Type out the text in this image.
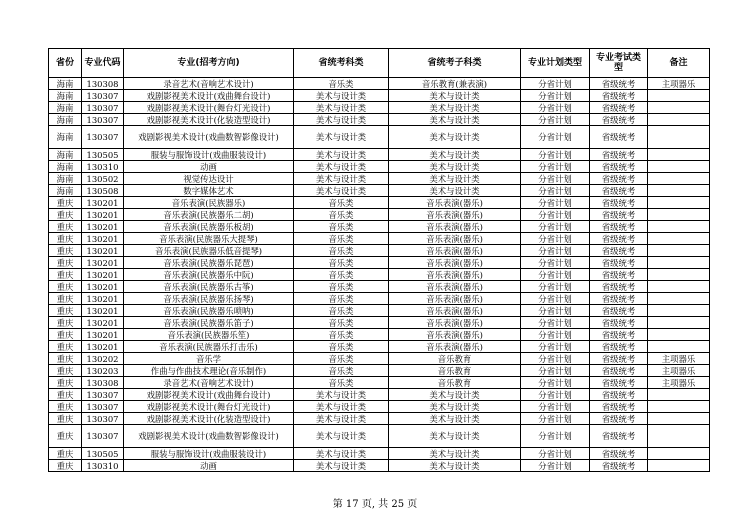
省份	专业代码	专业(招考方向)	省统考科类	省统考子科类	专业计划类型	专业考试类型	备注
海南	130308	录音艺术(音响艺术设计)	音乐类	音乐教育(兼表演)	分省计划	省级统考	主项器乐
海南	130307	戏剧影视美术设计(戏曲舞台设计)	美术与设计类	美术与设计类	分省计划	省级统考	
海南	130307	戏剧影视美术设计(舞台灯光设计)	美术与设计类	美术与设计类	分省计划	省级统考	
海南	130307	戏剧影视美术设计(化装造型设计)	美术与设计类	美术与设计类	分省计划	省级统考	
海南	130307	戏剧影视美术设计(戏曲数智影像设计)	美术与设计类	美术与设计类	分省计划	省级统考	
海南	130505	服装与服饰设计(戏曲服装设计)	美术与设计类	美术与设计类	分省计划	省级统考	
海南	130310	动画	美术与设计类	美术与设计类	分省计划	省级统考	
海南	130502	视觉传达设计	美术与设计类	美术与设计类	分省计划	省级统考	
海南	130508	数字媒体艺术	美术与设计类	美术与设计类	分省计划	省级统考	
重庆	130201	音乐表演(民族器乐)	音乐类	音乐表演(器乐)	分省计划	省级统考	
重庆	130201	音乐表演(民族器乐二胡)	音乐类	音乐表演(器乐)	分省计划	省级统考	
重庆	130201	音乐表演(民族器乐板胡)	音乐类	音乐表演(器乐)	分省计划	省级统考	
重庆	130201	音乐表演(民族器乐大提琴)	音乐类	音乐表演(器乐)	分省计划	省级统考	
重庆	130201	音乐表演(民族器乐低音提琴)	音乐类	音乐表演(器乐)	分省计划	省级统考	
重庆	130201	音乐表演(民族器乐琵琶)	音乐类	音乐表演(器乐)	分省计划	省级统考	
重庆	130201	音乐表演(民族器乐中阮)	音乐类	音乐表演(器乐)	分省计划	省级统考	
重庆	130201	音乐表演(民族器乐古筝)	音乐类	音乐表演(器乐)	分省计划	省级统考	
重庆	130201	音乐表演(民族器乐扬琴)	音乐类	音乐表演(器乐)	分省计划	省级统考	
重庆	130201	音乐表演(民族器乐唢呐)	音乐类	音乐表演(器乐)	分省计划	省级统考	
重庆	130201	音乐表演(民族器乐笛子)	音乐类	音乐表演(器乐)	分省计划	省级统考	
重庆	130201	音乐表演(民族器乐笙)	音乐类	音乐表演(器乐)	分省计划	省级统考	
重庆	130201	音乐表演(民族器乐打击乐)	音乐类	音乐表演(器乐)	分省计划	省级统考	
重庆	130202	音乐学	音乐类	音乐教育	分省计划	省级统考	主项器乐
重庆	130203	作曲与作曲技术理论(音乐制作)	音乐类	音乐教育	分省计划	省级统考	主项器乐
重庆	130308	录音艺术(音响艺术设计)	音乐类	音乐教育	分省计划	省级统考	主项器乐
重庆	130307	戏剧影视美术设计(戏曲舞台设计)	美术与设计类	美术与设计类	分省计划	省级统考	
重庆	130307	戏剧影视美术设计(舞台灯光设计)	美术与设计类	美术与设计类	分省计划	省级统考	
重庆	130307	戏剧影视美术设计(化装造型设计)	美术与设计类	美术与设计类	分省计划	省级统考	
重庆	130307	戏剧影视美术设计(戏曲数智影像设计)	美术与设计类	美术与设计类	分省计划	省级统考	
重庆	130505	服装与服饰设计(戏曲服装设计)	美术与设计类	美术与设计类	分省计划	省级统考	
重庆	130310	动画	美术与设计类	美术与设计类	分省计划	省级统考	
第 17 页, 共 25 页
